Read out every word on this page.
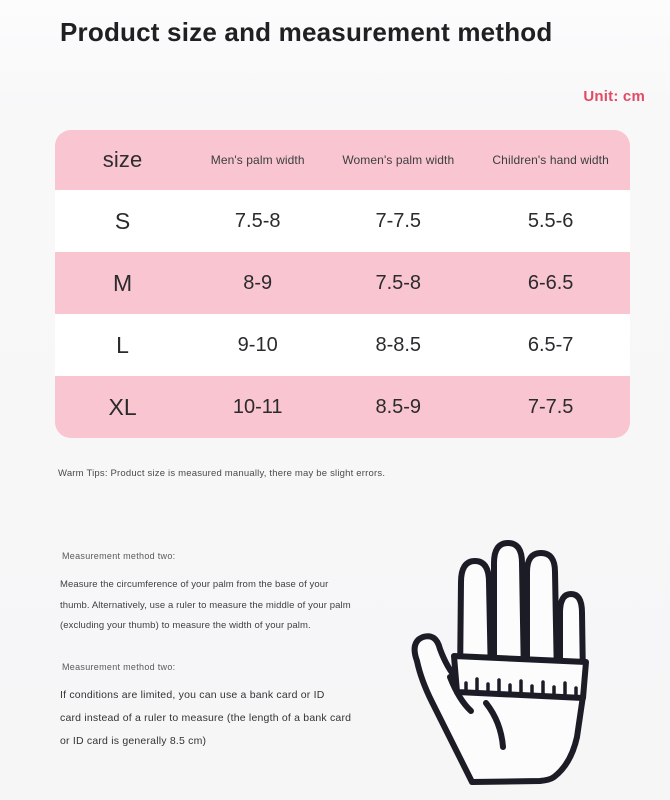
Product size and measurement method
Unit: cm
size	Men's palm width	Women's palm width	Children's hand width
S	7.5-8	7-7.5	5.5-6
M	8-9	7.5-8	6-6.5
L	9-10	8-8.5	6.5-7
XL	10-11	8.5-9	7-7.5
Warm Tips: Product size is measured manually, there may be slight errors.
Measurement method two:
Measure the circumference of your palm from the base of your
thumb. Alternatively, use a ruler to measure the middle of your palm
(excluding your thumb) to measure the width of your palm.
Measurement method two:
If conditions are limited, you can use a bank card or ID
card instead of a ruler to measure (the length of a bank card
or ID card is generally 8.5 cm)
